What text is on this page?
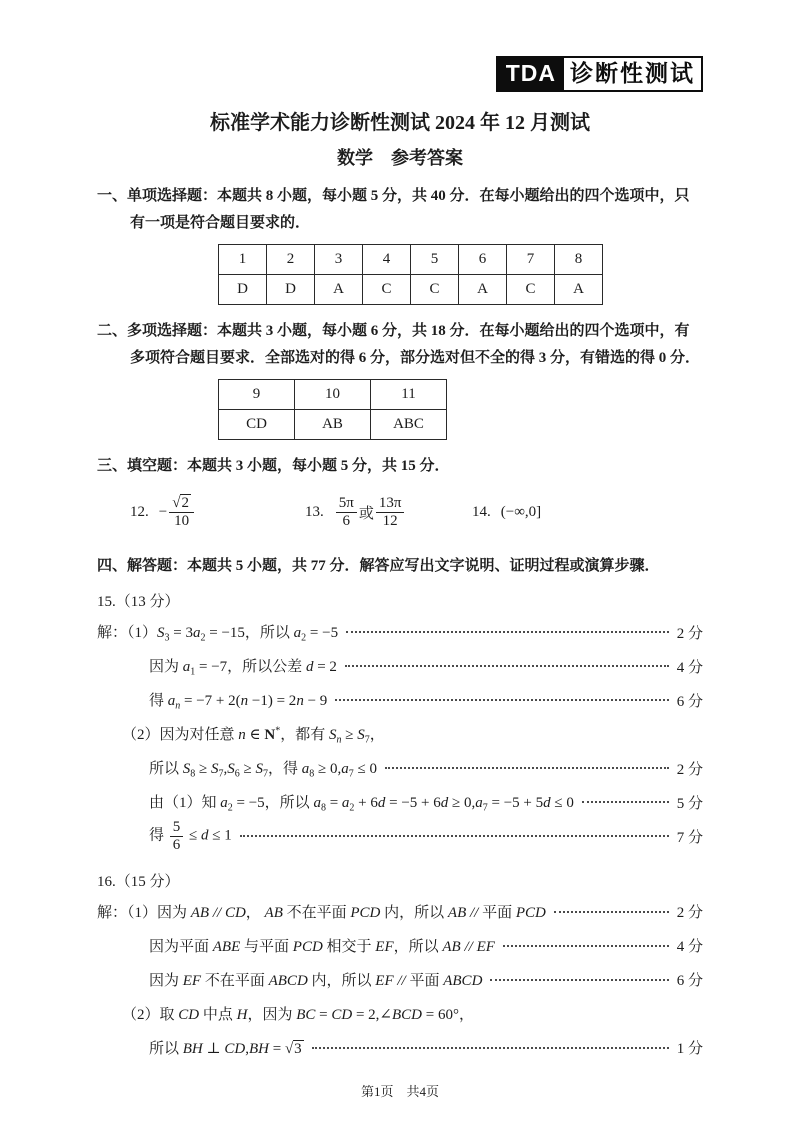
TDA 诊断性测试
标准学术能力诊断性测试 2024 年 12 月测试
数学　参考答案

一、单项选择题：本题共 8 小题，每小题 5 分，共 40 分．在每小题给出的四个选项中，只有一项是符合题目要求的．

1	2	3	4	5	6	7	8
D	D	A	C	C	A	C	A

二、多项选择题：本题共 3 小题，每小题 6 分，共 18 分．在每小题给出的四个选项中，有多项符合题目要求．全部选对的得 6 分，部分选对但不全的得 3 分，有错选的得 0 分．

9	10	11
CD	AB	ABC

三、填空题：本题共 3 小题，每小题 5 分，共 15 分．

12. − $\frac{√2}{10}$	13. $\frac{5\pi}{6}$ 或 $\frac{13\pi}{12}$	14. (−∞,0]

四、解答题：本题共 5 小题，共 77 分．解答应写出文字说明、证明过程或演算步骤．

15.（13 分）

解：$(1)S_3 = 3a_2 = -15$，所以 $a_2 = -5$	2 分
因为 $a_1 = -7$，所以公差 d = 2	4 分
得 $a_n = -7 + 2(n -1) = 2n - 9$	6 分
（2）因为对任意 n ∈ N*，都有 $S_n \ge S_7$，
所以 $S_8 \ge S_7,S_6 \ge S_7$，得 $a_8 \ge 0,a_7 \le 0$	2 分
由（1）知 $a_2 = -5$，所以 $a_8 = a_2 + 6d = -5 + 6d \ge 0,a_7 = -5 + 5d \le 0$	5 分
得 $\frac{5}{6} \le d \le 1$	7 分

16.（15 分）

解：（1）因为 AB // CD， AB 不在平面 PCD 内，所以 AB // 平面 PCD	2 分
因为平面 ABE 与平面 PCD 相交于 EF，所以 AB // EF	4 分
因为 EF 不在平面 ABCD 内，所以 EF // 平面 ABCD	6 分
（2）取 CD 中点 H，因为 BC = CD = 2,∠BCD = 60°，
所以 BH ⊥ CD,BH = √3	1 分
第1页　共4页
